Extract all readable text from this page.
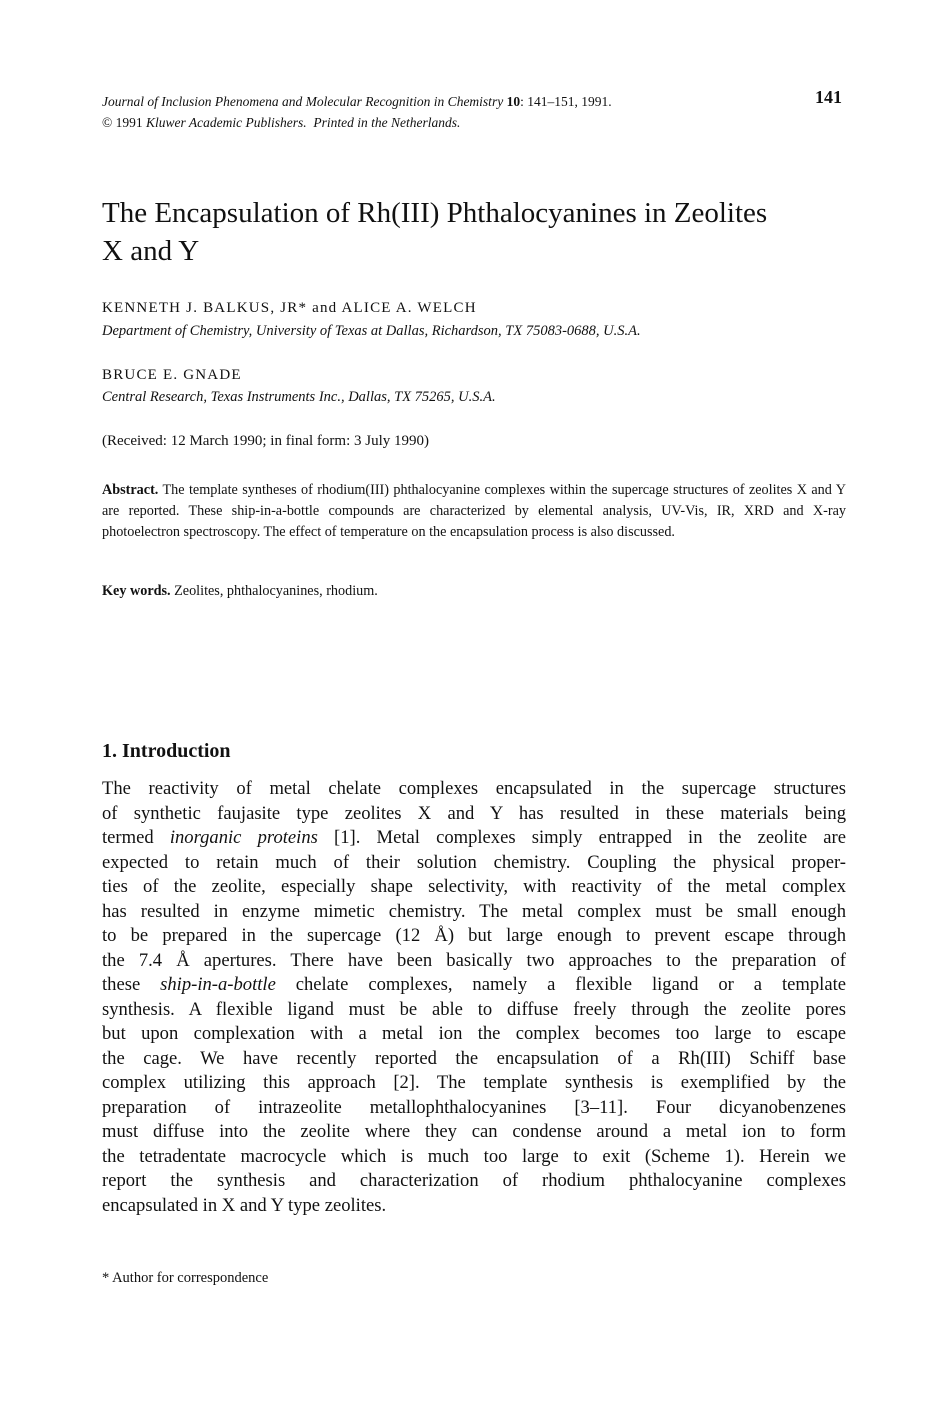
Journal of Inclusion Phenomena and Molecular Recognition in Chemistry 10: 141–151, 1991.
© 1991 Kluwer Academic Publishers. Printed in the Netherlands.
141
The Encapsulation of Rh(III) Phthalocyanines in Zeolites
X and Y
KENNETH J. BALKUS, JR* and ALICE A. WELCH
Department of Chemistry, University of Texas at Dallas, Richardson, TX 75083-0688, U.S.A.
BRUCE E. GNADE
Central Research, Texas Instruments Inc., Dallas, TX 75265, U.S.A.
(Received: 12 March 1990; in final form: 3 July 1990)

Abstract. The template syntheses of rhodium(III) phthalocyanine complexes within the supercage structures of zeolites X and Y are reported. These ship-in-a-bottle compounds are characterized by elemental analysis, UV-Vis, IR, XRD and X-ray photoelectron spectroscopy. The effect of temperature on the encapsulation process is also discussed.

Key words. Zeolites, phthalocyanines, rhodium.
1. Introduction
The reactivity of metal chelate complexes encapsulated in the supercage structures
of synthetic faujasite type zeolites X and Y has resulted in these materials being
termed inorganic proteins [1]. Metal complexes simply entrapped in the zeolite are
expected to retain much of their solution chemistry. Coupling the physical proper-
ties of the zeolite, especially shape selectivity, with reactivity of the metal complex
has resulted in enzyme mimetic chemistry. The metal complex must be small enough
to be prepared in the supercage (12 Å) but large enough to prevent escape through
the 7.4 Å apertures. There have been basically two approaches to the preparation of
these ship-in-a-bottle chelate complexes, namely a flexible ligand or a template
synthesis. A flexible ligand must be able to diffuse freely through the zeolite pores
but upon complexation with a metal ion the complex becomes too large to escape
the cage. We have recently reported the encapsulation of a Rh(III) Schiff base
complex utilizing this approach [2]. The template synthesis is exemplified by the
preparation of intrazeolite metallophthalocyanines [3–11]. Four dicyanobenzenes
must diffuse into the zeolite where they can condense around a metal ion to form
the tetradentate macrocycle which is much too large to exit (Scheme 1). Herein we
report the synthesis and characterization of rhodium phthalocyanine complexes
encapsulated in X and Y type zeolites.
* Author for correspondence
